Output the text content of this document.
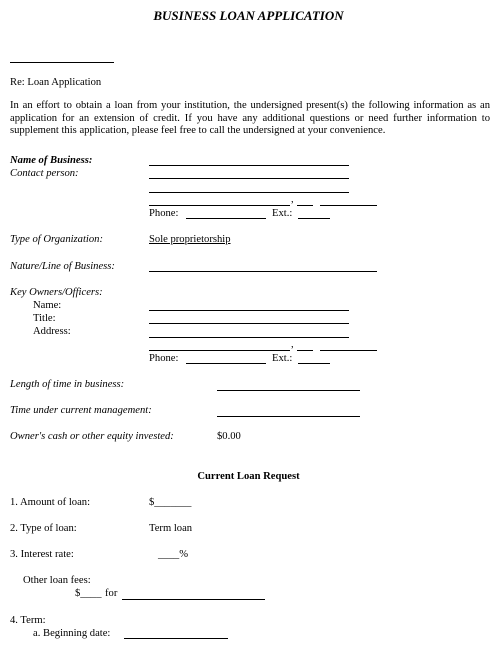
BUSINESS LOAN APPLICATION
Re: Loan Application
In an effort to obtain a loan from your institution, the undersigned present(s) the following information as an application for an extension of credit. If you have any additional questions or need further information to supplement this application, please feel free to call the undersigned at your convenience.
Name of Business:
Contact person:
,
Phone:	Ext.:
Type of Organization:	Sole proprietorship
Nature/Line of Business:
Key Owners/Officers:
Name:
Title:
Address:
,
Phone:	Ext.:
Length of time in business:
Time under current management:
Owner's cash or other equity invested:	$0.00
Current Loan Request
1. Amount of loan:	$_______
2. Type of loan:	Term loan
3. Interest rate:	____%
Other loan fees:
$____ for
4. Term:
a. Beginning date:
